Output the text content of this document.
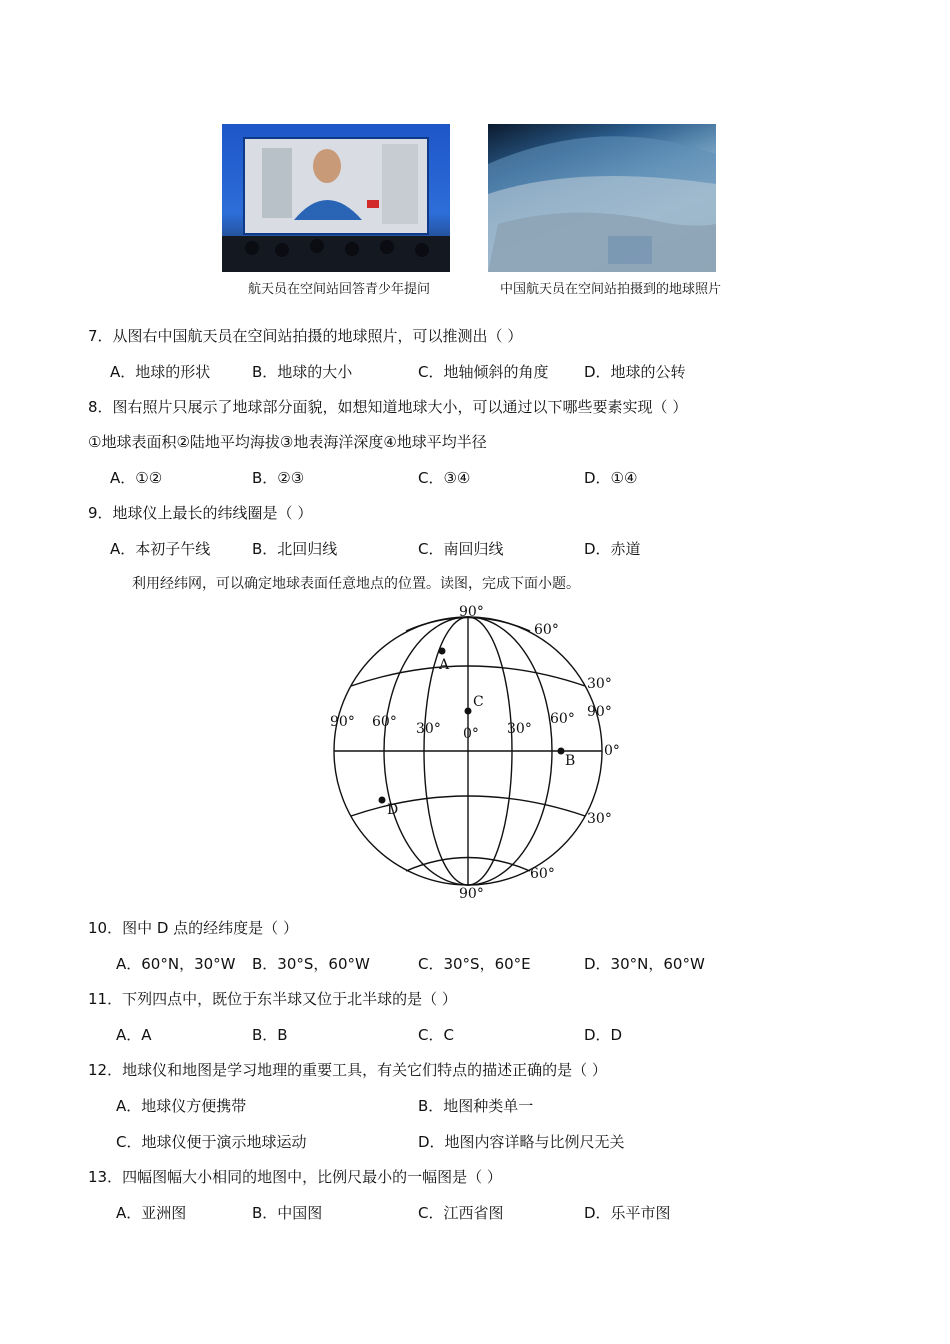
航天员在空间站回答青少年提问	中国航天员在空间站拍摄到的地球照片
7．从图右中国航天员在空间站拍摄的地球照片，可以推测出（ ）
A．地球的形状	B．地球的大小	C．地轴倾斜的角度 D．地球的公转
8．图右照片只展示了地球部分面貌，如想知道地球大小，可以通过以下哪些要素实现（ ）
①地球表面积②陆地平均海拔③地表海洋深度④地球平均半径
A．①②	B．②③	C．③④	D．①④
9．地球仪上最长的纬线圈是（ ）
A．本初子午线	B．北回归线	C．南回归线	D．赤道
利用经纬网，可以确定地球表面任意地点的位置。读图，完成下面小题。
90°
90°
60°
30°
30°
60°
90° 60° 30° 0° 30°
60° 90°
0°
A
C
B
D
10．图中 D 点的经纬度是（ ）
A．60°N，30°W B．30°S，60°W	C．30°S，60°E	D．30°N，60°W
11．下列四点中，既位于东半球又位于北半球的是（ ）
A．A	B．B	C．C	D．D
12．地球仪和地图是学习地理的重要工具，有关它们特点的描述正确的是（ ）
A．地球仪方便携带	B．地图种类单一
C．地球仪便于演示地球运动	D．地图内容详略与比例尺无关
13．四幅图幅大小相同的地图中，比例尺最小的一幅图是（ ）
A．亚洲图	B．中国图	C．江西省图	D．乐平市图
